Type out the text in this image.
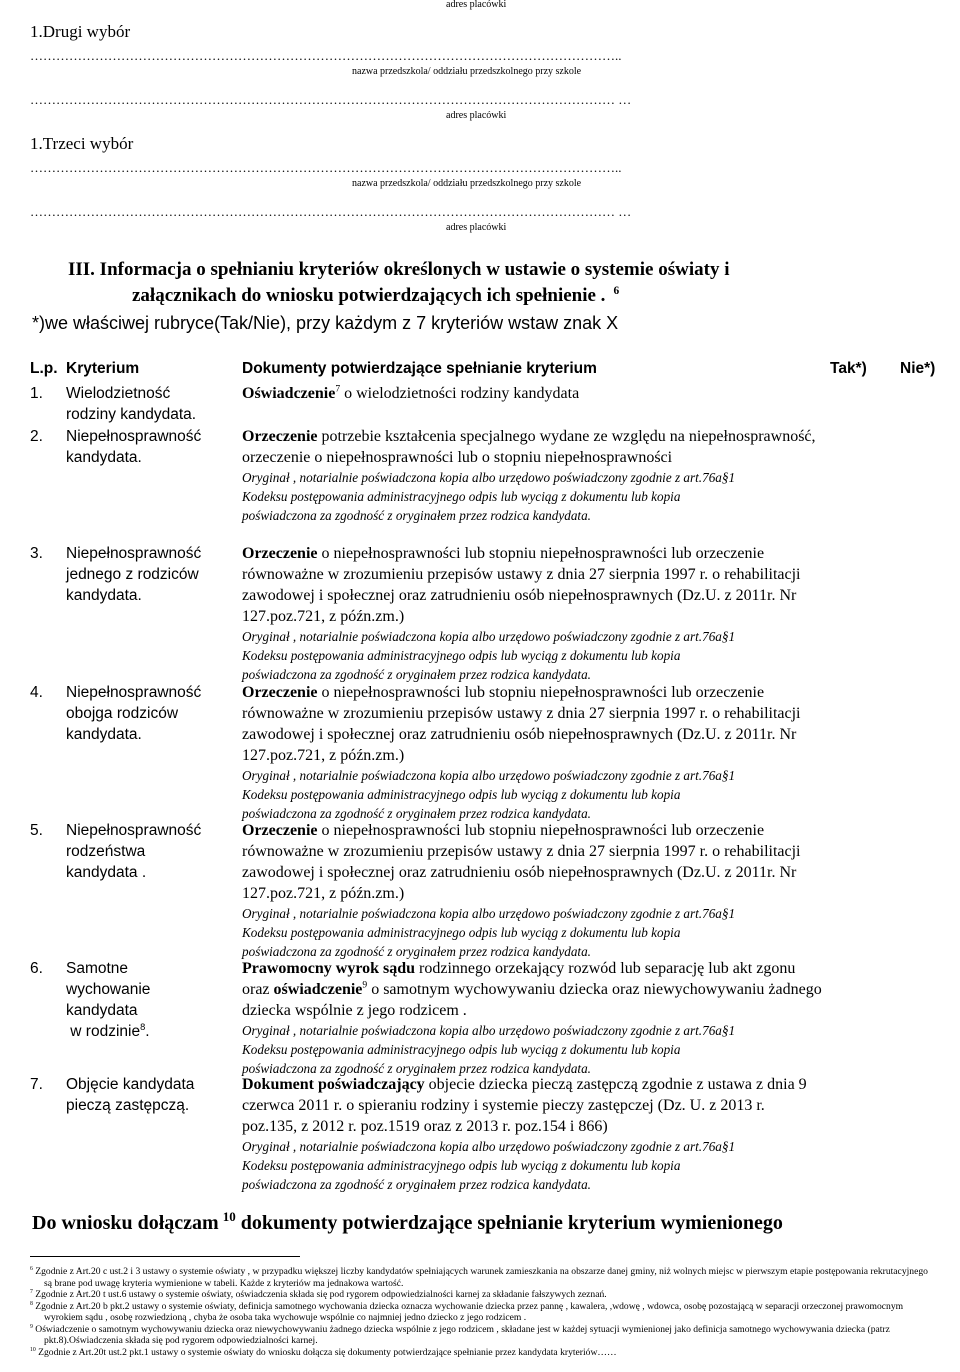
adres placówki
1.Drugi wybór
………………………………………………………………………………………………………………………..
nazwa przedszkola/ oddziału przedszkolnego przy szkole
……………………………………………………………………………………………………………………… …
adres placówki
1.Trzeci wybór
………………………………………………………………………………………………………………………..
nazwa przedszkola/ oddziału przedszkolnego przy szkole
……………………………………………………………………………………………………………………… …
adres placówki
III. Informacja o spełnianiu kryteriów określonych w ustawie o systemie oświaty i
załącznikach do wniosku potwierdzających ich spełnienie . $^6$
*)we właściwej rubryce(Tak/Nie), przy każdym z 7 kryteriów wstaw znak X
L.p. Kryterium	Dokumenty potwierdzające spełnianie kryterium	Tak*) Nie*)
1. Wielodzietność
rodziny kandydata.
Oświadczenie$^7$ o wielodzietności rodziny kandydata
2. Niepełnosprawność
kandydata.
Orzeczenie potrzebie kształcenia specjalnego wydane ze względu na niepełnosprawność, orzeczenie o niepełnosprawności lub o stopniu niepełnosprawności
Oryginał , notarialnie poświadczona kopia albo urzędowo poświadczony zgodnie z art.76a§1
Kodeksu postępowania administracyjnego odpis lub wyciąg z dokumentu lub kopia
poświadczona za zgodność z oryginałem przez rodzica kandydata.
3. Niepełnosprawność
jednego z rodziców
kandydata.
Orzeczenie o niepełnosprawności lub stopniu niepełnosprawności lub orzeczenie równoważne w zrozumieniu przepisów ustawy z dnia 27 sierpnia 1997 r. o rehabilitacji zawodowej i społecznej oraz zatrudnieniu osób niepełnosprawnych (Dz.U. z 2011r. Nr 127.poz.721, z późn.zm.)
Oryginał , notarialnie poświadczona kopia albo urzędowo poświadczony zgodnie z art.76a§1
Kodeksu postępowania administracyjnego odpis lub wyciąg z dokumentu lub kopia
poświadczona za zgodność z oryginałem przez rodzica kandydata.
4. Niepełnosprawność
obojga rodziców
kandydata.
Orzeczenie o niepełnosprawności lub stopniu niepełnosprawności lub orzeczenie równoważne w zrozumieniu przepisów ustawy z dnia 27 sierpnia 1997 r. o rehabilitacji zawodowej i społecznej oraz zatrudnieniu osób niepełnosprawnych (Dz.U. z 2011r. Nr 127.poz.721, z późn.zm.)
Oryginał , notarialnie poświadczona kopia albo urzędowo poświadczony zgodnie z art.76a§1
Kodeksu postępowania administracyjnego odpis lub wyciąg z dokumentu lub kopia
poświadczona za zgodność z oryginałem przez rodzica kandydata.
5. Niepełnosprawność
rodzeństwa
kandydata .
Orzeczenie o niepełnosprawności lub stopniu niepełnosprawności lub orzeczenie równoważne w zrozumieniu przepisów ustawy z dnia 27 sierpnia 1997 r. o rehabilitacji zawodowej i społecznej oraz zatrudnieniu osób niepełnosprawnych (Dz.U. z 2011r. Nr 127.poz.721, z późn.zm.)
Oryginał , notarialnie poświadczona kopia albo urzędowo poświadczony zgodnie z art.76a§1
Kodeksu postępowania administracyjnego odpis lub wyciąg z dokumentu lub kopia
poświadczona za zgodność z oryginałem przez rodzica kandydata.
6. Samotne
wychowanie
kandydata
w rodzinie$^8$.
Prawomocny wyrok sądu rodzinnego orzekający rozwód lub separację lub akt zgonu oraz oświadczenie$^9$ o samotnym wychowywaniu dziecka oraz niewychowywaniu żadnego dziecka wspólnie z jego rodzicem .
Oryginał , notarialnie poświadczona kopia albo urzędowo poświadczony zgodnie z art.76a§1
Kodeksu postępowania administracyjnego odpis lub wyciąg z dokumentu lub kopia
poświadczona za zgodność z oryginałem przez rodzica kandydata.
7. Objęcie kandydata
pieczą zastępczą.
Dokument poświadczający objecie dziecka pieczą zastępczą zgodnie z ustawa z dnia 9 czerwca 2011 r. o spieraniu rodziny i systemie pieczy zastępczej (Dz. U. z 2013 r. poz.135, z 2012 r. poz.1519 oraz z 2013 r. poz.154 i 866)
Oryginał , notarialnie poświadczona kopia albo urzędowo poświadczony zgodnie z art.76a§1
Kodeksu postępowania administracyjnego odpis lub wyciąg z dokumentu lub kopia
poświadczona za zgodność z oryginałem przez rodzica kandydata.
Do wniosku dołączam $^{10}$ dokumenty potwierdzające spełnianie kryterium wymienionego
$^6$ Zgodnie z Art.20 c ust.2 i 3 ustawy o systemie oświaty , w przypadku większej liczby kandydatów spełniających warunek zamieszkania na obszarze danej gminy, niż wolnych miejsc w pierwszym etapie postępowania rekrutacyjnego są brane pod uwagę kryteria wymienione w tabeli. Każde z kryteriów ma jednakowa wartość.
$^7$ Zgodnie z Art.20 t ust.6 ustawy o systemie oświaty, oświadczenia składa się pod rygorem odpowiedzialności karnej za składanie fałszywych zeznań.
$^8$ Zgodnie z Art.20 b pkt.2 ustawy o systemie oświaty, definicja samotnego wychowania dziecka oznacza wychowanie dziecka przez pannę , kawalera, ,wdowę , wdowca, osobę pozostającą w separacji orzeczonej prawomocnym wyrokiem sądu , osobę rozwiedzioną , chyba że osoba taka wychowuje wspólnie co najmniej jedno dziecko z jego rodzicem .
$^9$ Oświadczenie o samotnym wychowywaniu dziecka oraz niewychowywaniu żadnego dziecka wspólnie z jego rodzicem , składane jest w każdej sytuacji wymienionej jako definicja samotnego wychowywania dziecka (patrz pkt.8).Oświadczenia składa się pod rygorem odpowiedzialności karnej.
$^{10}$ Zgodnie z Art.20t ust.2 pkt.1 ustawy o systemie oświaty do wniosku dołącza się dokumenty potwierdzające spełnianie przez kandydata kryteriów……
